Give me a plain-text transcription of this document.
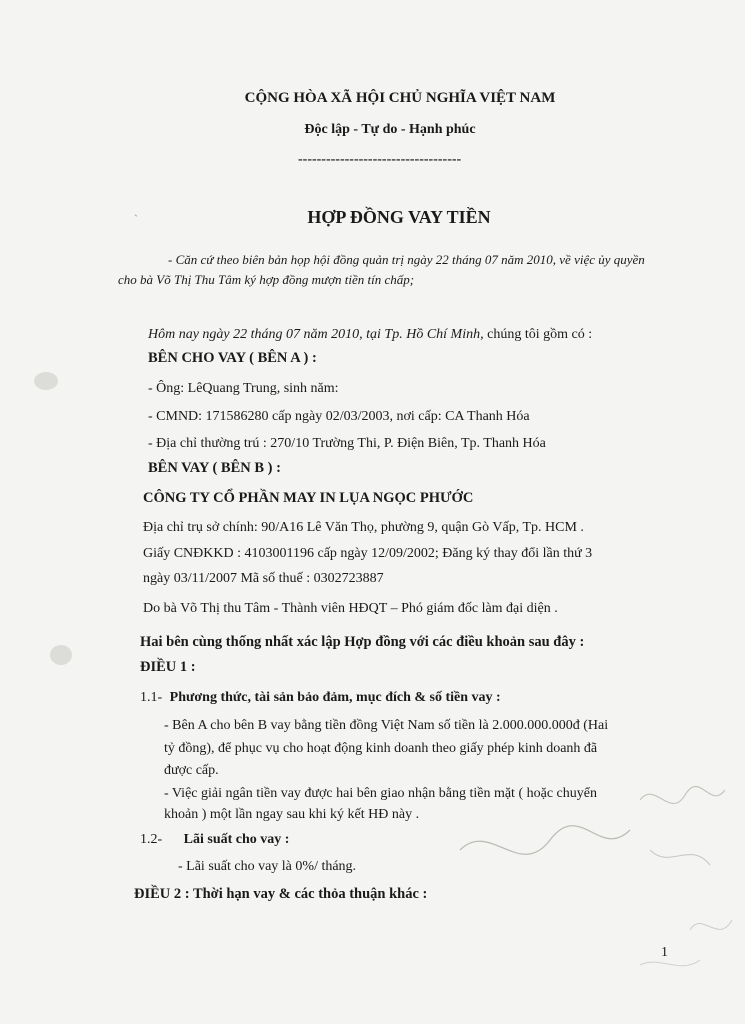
`
CỘNG HÒA XÃ HỘI CHỦ NGHĨA VIỆT NAM
Độc lập - Tự do - Hạnh phúc
-----------------------------------
HỢP ĐỒNG VAY TIỀN
- Căn cứ theo biên bản họp hội đồng quản trị ngày 22 tháng 07 năm 2010, về việc ủy quyền
cho bà Võ Thị Thu Tâm ký hợp đồng mượn tiền tín chấp;
Hôm nay ngày 22 tháng 07 năm 2010, tại Tp. Hồ Chí Minh, chúng tôi gồm có :
BÊN CHO VAY ( BÊN A ) :
- Ông: LêQuang Trung, sinh năm:
- CMND: 171586280 cấp ngày 02/03/2003, nơi cấp: CA Thanh Hóa
- Địa chỉ thường trú : 270/10 Trường Thi, P. Điện Biên, Tp. Thanh Hóa
BÊN VAY ( BÊN B ) :
CÔNG TY CỔ PHẦN MAY IN LỤA NGỌC PHƯỚC
Địa chỉ trụ sở chính: 90/A16 Lê Văn Thọ, phường 9, quận Gò Vấp, Tp. HCM .
Giấy CNĐKKD : 4103001196 cấp ngày 12/09/2002; Đăng ký thay đổi lần thứ 3
ngày 03/11/2007 Mã số thuế : 0302723887
Do bà Võ Thị thu Tâm - Thành viên HĐQT – Phó giám đốc làm đại diện .
Hai bên cùng thống nhất xác lập Hợp đồng với các điều khoản sau đây :
ĐIỀU 1 :
1.1- Phương thức, tài sản bảo đảm, mục đích & số tiền vay :
- Bên A cho bên B vay bằng tiền đồng Việt Nam số tiền là 2.000.000.000đ (Hai
tỷ đồng), để phục vụ cho hoạt động kinh doanh theo giấy phép kinh doanh đã
được cấp.
- Việc giải ngân tiền vay được hai bên giao nhận bằng tiền mặt ( hoặc chuyển
khoản ) một lần ngay sau khi ký kết HĐ này .
1.2- Lãi suất cho vay :
- Lãi suất cho vay là 0%/ tháng.
ĐIỀU 2 : Thời hạn vay & các thỏa thuận khác :
1
